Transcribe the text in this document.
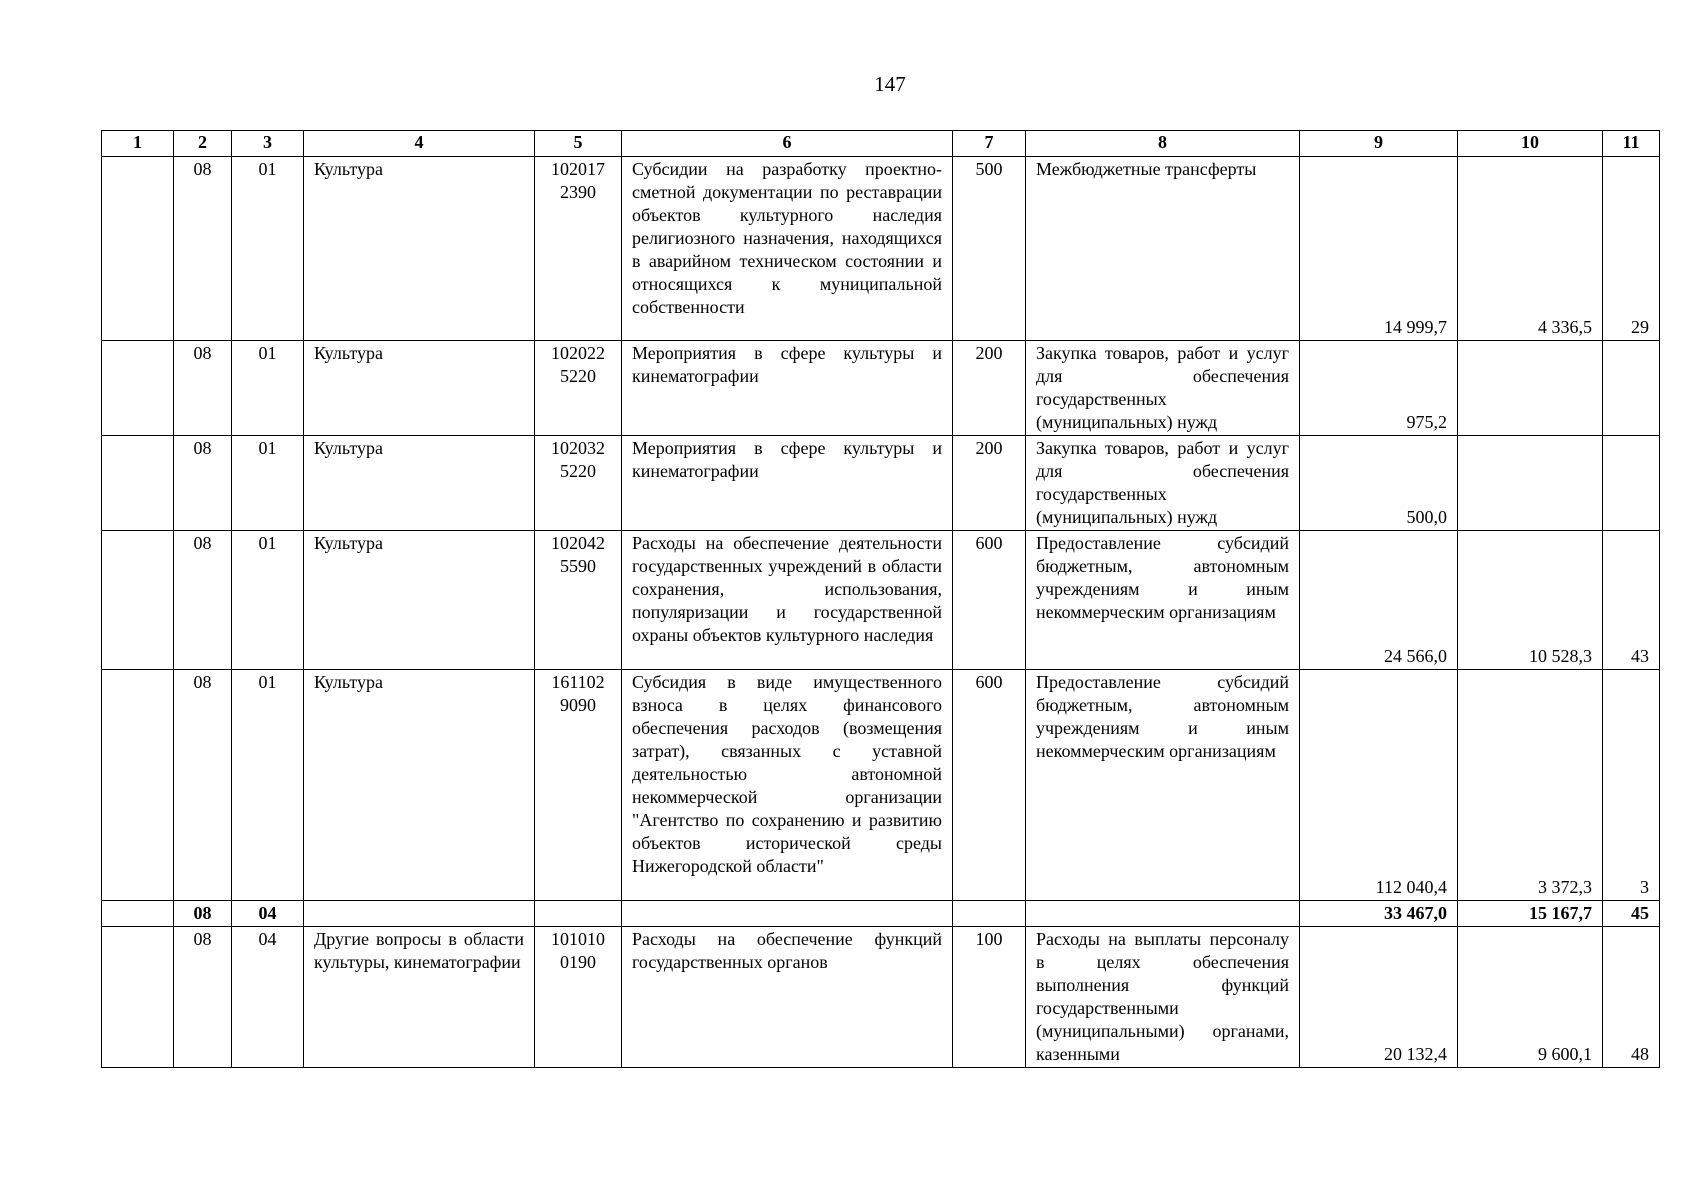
147
1	2	3	4	5	6	7	8	9	10	11
	08	01	Культура	102017 2390	Субсидии на разработку проектно-сметной документации по реставрации объектов культурного наследия религиозного назначения, находящихся в аварийном техническом состоянии и относящихся к муниципальной собственности	500	Межбюджетные трансферты	14 999,7	4 336,5	29
	08	01	Культура	102022 5220	Мероприятия в сфере культуры и кинематографии	200	Закупка товаров, работ и услуг для обеспечения государственных (муниципальных) нужд	975,2		
	08	01	Культура	102032 5220	Мероприятия в сфере культуры и кинематографии	200	Закупка товаров, работ и услуг для обеспечения государственных (муниципальных) нужд	500,0		
	08	01	Культура	102042 5590	Расходы на обеспечение деятельности государственных учреждений в области сохранения, использования, популяризации и государственной охраны объектов культурного наследия	600	Предоставление субсидий бюджетным, автономным учреждениям и иным некоммерческим организациям	24 566,0	10 528,3	43
	08	01	Культура	161102 9090	Субсидия в виде имущественного взноса в целях финансового обеспечения расходов (возмещения затрат), связанных с уставной деятельностью автономной некоммерческой организации "Агентство по сохранению и развитию объектов исторической среды Нижегородской области"	600	Предоставление субсидий бюджетным, автономным учреждениям и иным некоммерческим организациям	112 040,4	3 372,3	3
	08	04						33 467,0	15 167,7	45
	08	04	Другие вопросы в области культуры, кинематографии	101010 0190	Расходы на обеспечение функций государственных органов	100	Расходы на выплаты персоналу в целях обеспечения выполнения функций государственными (муниципальными) органами, казенными	20 132,4	9 600,1	48
